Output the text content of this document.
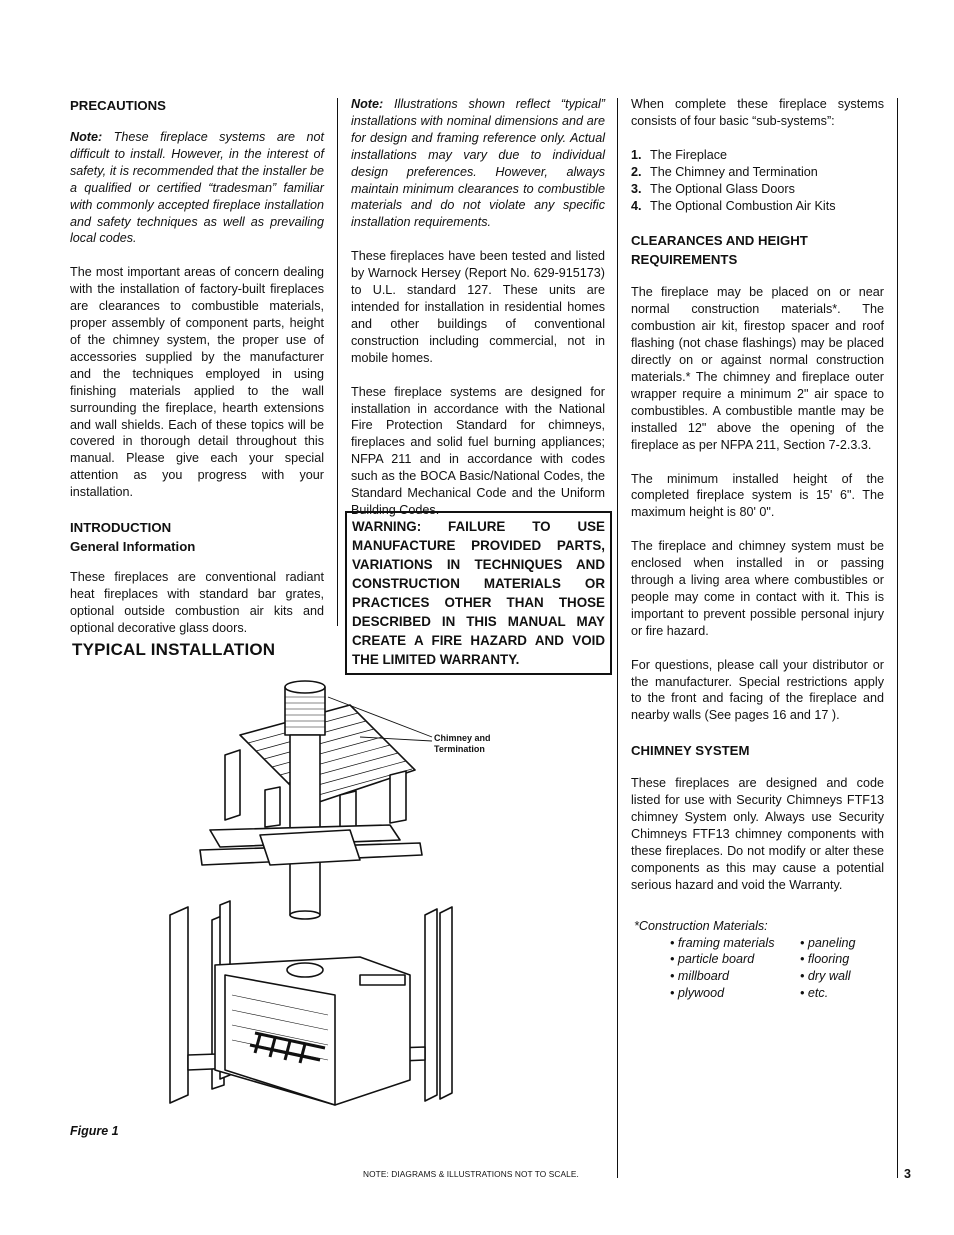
PRECAUTIONS

Note: These fireplace systems are not difficult to install. However, in the interest of safety, it is recommended that the installer be a qualified or certified “tradesman” familiar with commonly accepted fireplace installation and safety techniques as well as prevailing local codes.

The most important areas of concern dealing with the installation of factory-built fireplaces are clearances to combustible materials, proper assembly of component parts, height of the chimney system, the proper use of accessories supplied by the manufacturer and the techniques employed in using finishing materials applied to the wall surrounding the fireplace, hearth extensions and wall shields. Each of these topics will be covered in thorough detail throughout this manual. Please give each your special attention as you progress with your installation.

INTRODUCTION
General Information

These fireplaces are conventional radiant heat fireplaces with standard bar grates, optional outside combustion air kits and optional decorative glass doors.

Note: Illustrations shown reflect “typical” installations with nominal dimensions and are for design and framing reference only. Actual installations may vary due to individual design preferences. However, always maintain minimum clearances to combustible materials and do not violate any specific installation requirements.

These fireplaces have been tested and listed by Warnock Hersey (Report No. 629-915173) to U.L. standard 127. These units are intended for installation in residential homes and other buildings of conventional construction including commercial, not in mobile homes.

These fireplace systems are designed for installation in accordance with the National Fire Protection Standard for chimneys, fireplaces and solid fuel burning appliances; NFPA 211 and in accordance with codes such as the BOCA Basic/National Codes, the Standard Mechanical Code and the Uniform Building Codes.

WARNING: FAILURE TO USE MANUFACTURE PROVIDED PARTS, VARIATIONS IN TECHNIQUES AND CONSTRUCTION MATERIALS OR PRACTICES OTHER THAN THOSE DESCRIBED IN THIS MANUAL MAY CREATE A FIRE HAZARD AND VOID THE LIMITED WARRANTY.
TYPICAL INSTALLATION
Chimney and
Termination
Figure 1
NOTE: DIAGRAMS & ILLUSTRATIONS NOT TO SCALE.	3

When complete these fireplace systems consists of four basic “sub-systems”:

1. The Fireplace
2. The Chimney and Termination
3. The Optional Glass Doors
4. The Optional Combustion Air Kits
CLEARANCES AND HEIGHT
REQUIREMENTS

The fireplace may be placed on or near normal construction materials*. The combustion air kit, firestop spacer and roof flashing (not chase flashings) may be placed directly on or against normal construction materials.* The chimney and fireplace outer wrapper require a minimum 2" air space to combustibles. A combustible mantle may be installed 12" above the opening of the fireplace as per NFPA 211, Section 7-2.3.3.

The minimum installed height of the completed fireplace system is 15' 6". The maximum height is 80' 0".

The fireplace and chimney system must be enclosed when installed in or passing through a living area where combustibles or people may come in contact with it. This is important to prevent possible personal injury or fire hazard.

For questions, please call your distributor or the manufacturer. Special restrictions apply to the front and facing of the fireplace and nearby walls (See pages 16 and 17 ).

CHIMNEY SYSTEM

These fireplaces are designed and code listed for use with Security Chimneys FTF13 chimney System only. Always use Security Chimneys FTF13 chimney components with these fireplaces. Do not modify or alter these components as this may cause a potential serious hazard and void the Warranty.

*Construction Materials:
• framing materials	• paneling
• particle board	• flooring
• millboard	• dry wall
• plywood	• etc.
